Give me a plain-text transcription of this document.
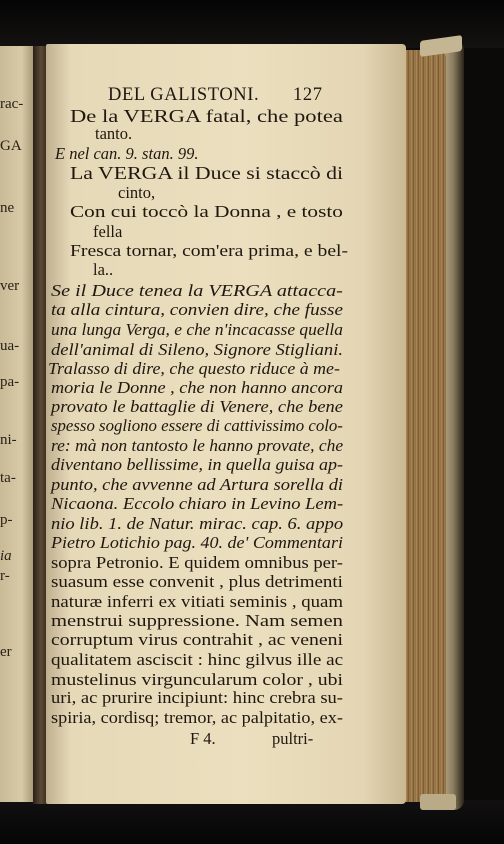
rac-
GA
ne
ver
ua-
pa-
ni-
ta-
p-
ia
r-
er
DEL GALISTONI. 127
De la VERGA fatal, che potea
tanto.
E nel can. 9. stan. 99.
La VERGA il Duce si staccò di
cinto,
Con cui toccò la Donna , e tosto
fella
Fresca tornar, com'era prima, e bel-
la..
Se il Duce tenea la VERGA attacca-
ta alla cintura, convien dire, che fusse
una lunga Verga, e che n'incacasse quella
dell'animal di Sileno, Signore Stigliani.
Tralasso di dire, che questo riduce à me-
moria le Donne , che non hanno ancora
provato le battaglie di Venere, che bene
spesso sogliono essere di cattivissimo colo-
re: mà non tantosto le hanno provate, che
diventano bellissime, in quella guisa ap-
punto, che avvenne ad Artura sorella di
Nicaona. Eccolo chiaro in Levino Lem-
nio lib. 1. de Natur. mirac. cap. 6. appo
Pietro Lotichio pag. 40. de' Commentari
sopra Petronio. E quidem omnibus per-
suasum esse convenit , plus detrimenti
naturæ inferri ex vitiati seminis , quam
menstrui suppressione. Nam semen
corruptum virus contrahit , ac veneni
qualitatem asciscit : hinc gilvus ille ac
mustelinus virguncularum color , ubi
uri, ac prurire incipiunt: hinc crebra su-
spiria, cordisq; tremor, ac palpitatio, ex-
F 4.	pultri-
